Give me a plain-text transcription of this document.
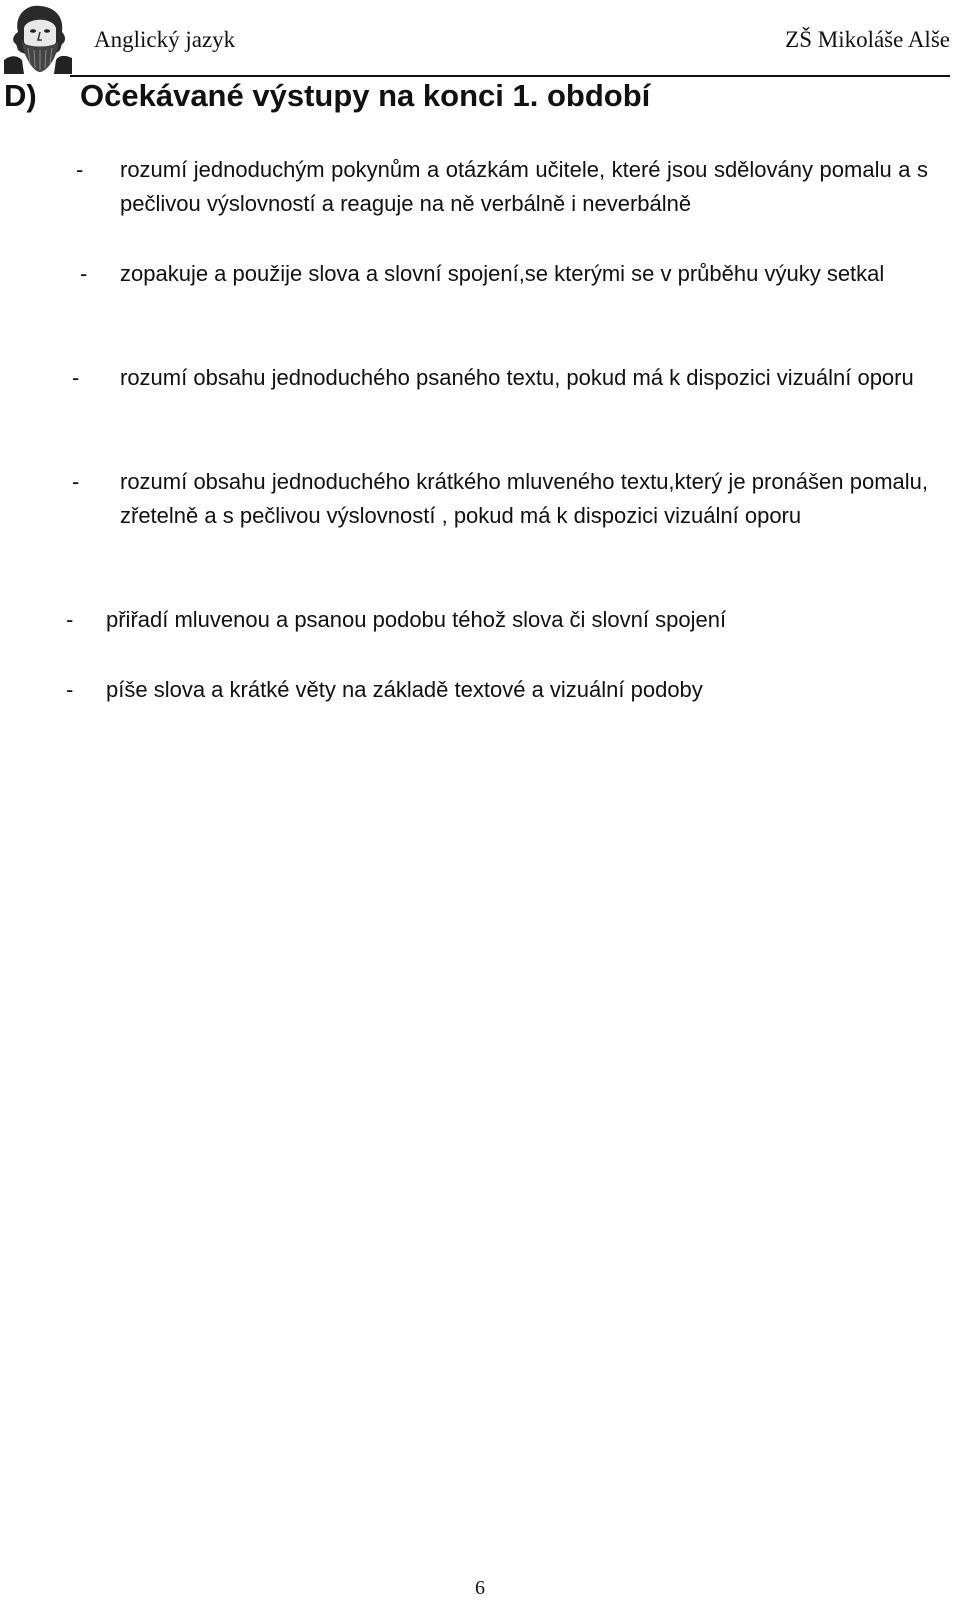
Anglický jazyk	ZŠ Mikoláše Alše
D) Očekávané výstupy na konci 1. období
- rozumí jednoduchým pokynům a otázkám učitele, které jsou sdělovány pomalu a s pečlivou výslovností a reaguje na ně verbálně i neverbálně
- zopakuje a použije slova a slovní spojení,se kterými se v průběhu výuky setkal
- rozumí obsahu jednoduchého psaného textu, pokud má k dispozici vizuální oporu
- rozumí obsahu jednoduchého krátkého mluveného textu,který je pronášen pomalu, zřetelně a s pečlivou výslovností , pokud má k dispozici vizuální oporu
- přiřadí mluvenou a psanou podobu téhož slova či slovní spojení
- píše slova a krátké věty na základě textové a vizuální podoby
6
